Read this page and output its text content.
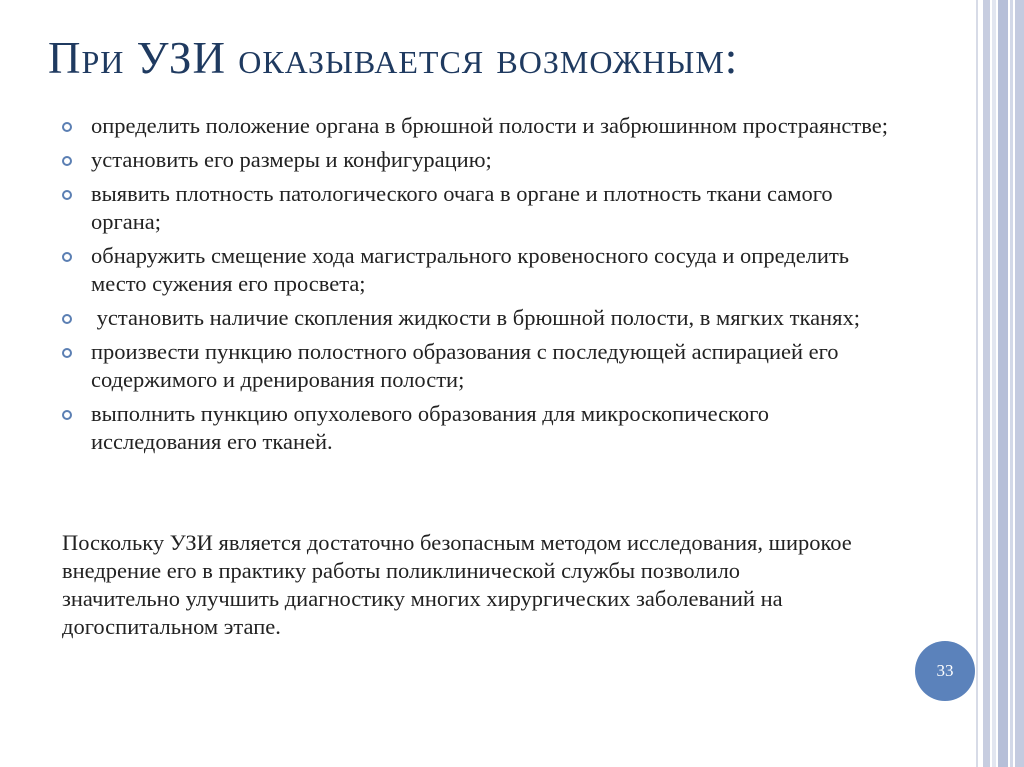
При УЗИ оказывается возможным:
определить положение органа в брюшной полости и забрюшинном простраянстве;
установить его размеры и конфигурацию;
выявить плотность патологического очага в органе и плотность ткани самого органа;
обнаружить смещение хода магистрального кровеносного сосуда и определить место сужения его просвета;
установить наличие скопления жидкости в брюшной полости, в мягких тканях;
произвести пункцию полостного образования с последующей аспирацией его содержимого и дренирования полости;
выполнить пункцию опухолевого образования для микроскопического исследования его тканей.

Поскольку УЗИ является достаточно безопасным методом исследования, широкое внедрение его в практику работы поликлинической службы позволило значительно улучшить диагностику многих хирургических заболеваний на догоспитальном этапе.

33
